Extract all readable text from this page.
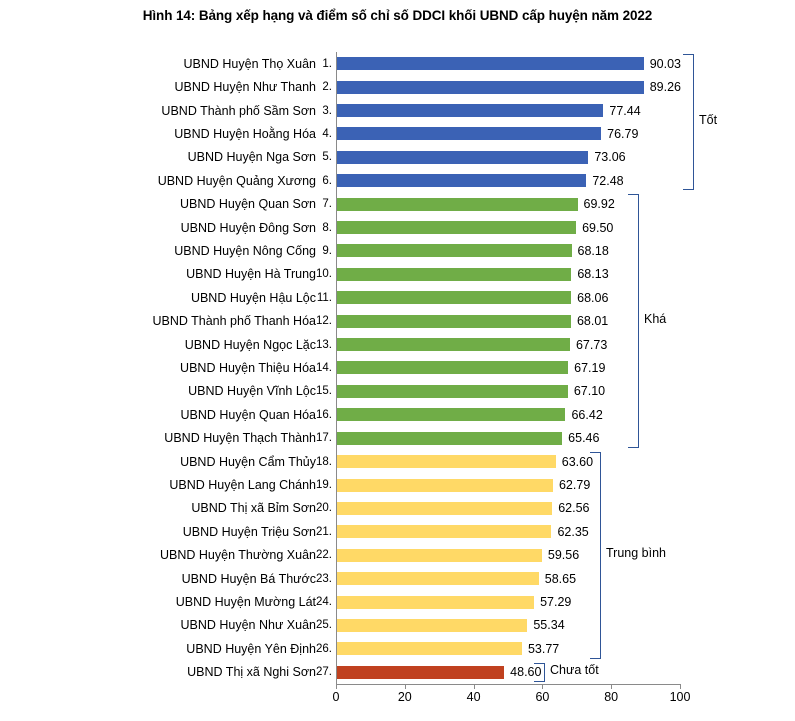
Hình 14: Bảng xếp hạng và điểm số chỉ số DDCI khối UBND cấp huyện năm 2022
UBND Huyện Thọ Xuân 1.	90.03
UBND Huyện Như Thanh 2.	89.26
UBND Thành phố Sầm Sơn 3.	77.44
UBND Huyện Hoằng Hóa 4.	76.79
UBND Huyện Nga Sơn 5.	73.06
UBND Huyện Quảng Xương 6.	72.48
UBND Huyện Quan Sơn 7.	69.92
UBND Huyện Đông Sơn 8.	69.50
UBND Huyện Nông Cống 9.	68.18
UBND Huyện Hà Trung 10.	68.13
UBND Huyện Hậu Lộc 11.	68.06
UBND Thành phố Thanh Hóa 12.	68.01
UBND Huyện Ngọc Lặc 13.	67.73
UBND Huyện Thiệu Hóa 14.	67.19
UBND Huyện Vĩnh Lộc 15.	67.10
UBND Huyện Quan Hóa 16.	66.42
UBND Huyện Thạch Thành 17.	65.46
UBND Huyện Cẩm Thủy 18.	63.60
UBND Huyện Lang Chánh 19.	62.79
UBND Thị xã Bỉm Sơn 20.	62.56
UBND Huyện Triệu Sơn 21.	62.35
UBND Huyện Thường Xuân 22.	59.56
UBND Huyện Bá Thước 23.	58.65
UBND Huyện Mường Lát 24.	57.29
UBND Huyện Như Xuân 25.	55.34
UBND Huyện Yên Định 26.	53.77
UBND Thị xã Nghi Sơn 27.	48.60
0	20	40	60	80	100
Tốt
Khá
Trung bình
Chưa tốt
